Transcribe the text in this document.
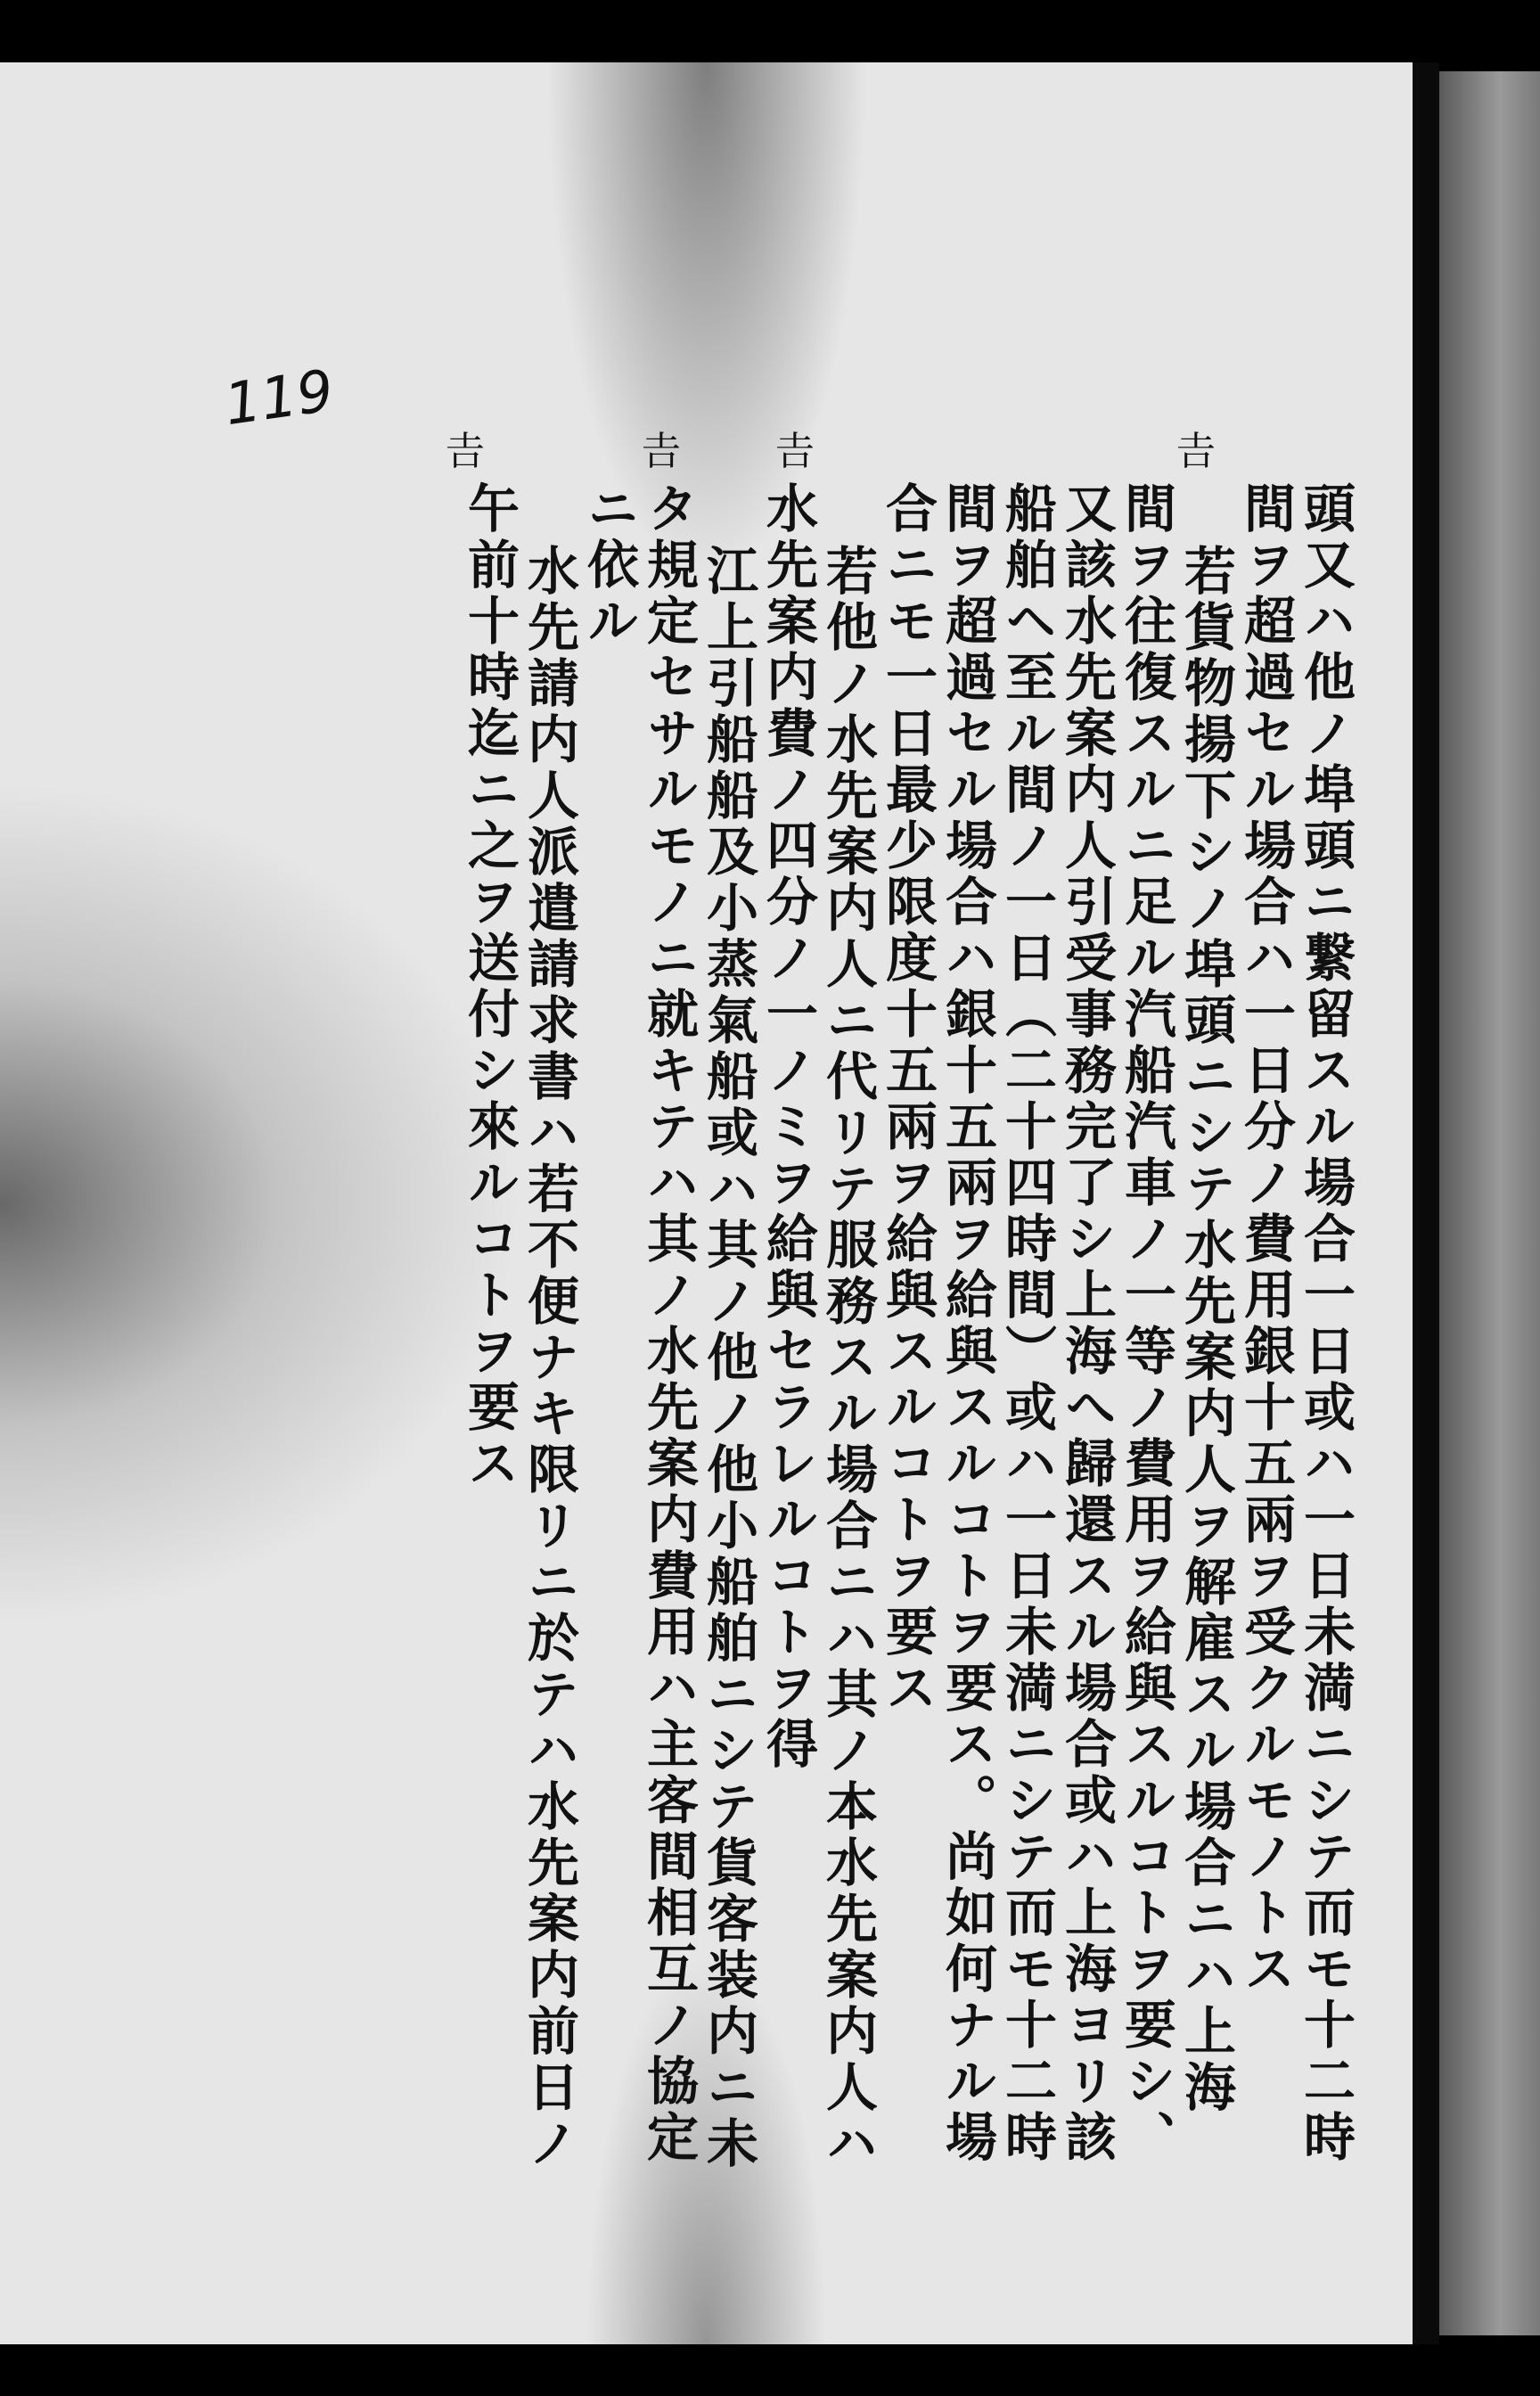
119
𠮷
𠮷
𠮷
𠮷
頭又ハ他ノ埠頭ニ繋留スル場合一日或ハ一日未満ニシテ而モ十二時
間ヲ超過セル場合ハ一日分ノ費用銀十五兩ヲ受クルモノトス
若貨物揚下シノ埠頭ニシテ水先案内人ヲ解雇スル場合ニハ上海
間ヲ往復スルニ足ル汽船汽車ノ一等ノ費用ヲ給與スルコトヲ要シ、
又該水先案内人引受事務完了シ上海へ歸還スル場合或ハ上海ヨリ該
船舶ヘ至ル間ノ一日（二十四時間）或ハ一日未満ニシテ而モ十二時
間ヲ超過セル場合ハ銀十五兩ヲ給與スルコトヲ要ス。尚如何ナル場
合ニモ一日最少限度十五兩ヲ給與スルコトヲ要ス
若他ノ水先案内人ニ代リテ服務スル場合ニハ其ノ本水先案内人ハ
水先案内費ノ四分ノ一ノミヲ給與セラレルコトヲ得
江上引船船及小蒸氣船或ハ其ノ他ノ他小船舶ニシテ貨客装内ニ未
タ規定セサルモノニ就キテハ其ノ水先案内費用ハ主客間相互ノ協定
ニ依ル
水先請内人派遣請求書ハ若不便ナキ限リニ於テハ水先案内前日ノ
午前十時迄ニ之ヲ送付シ來ルコトヲ要ス
